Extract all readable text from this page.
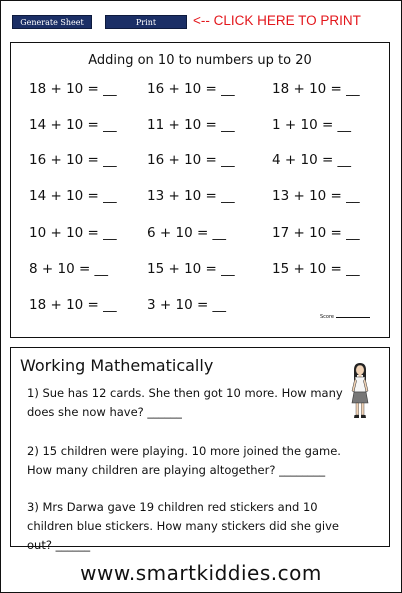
Generate Sheet	Print	<-- CLICK HERE TO PRINT
Adding on 10 to numbers up to 20
1​8 + 1​0 = __ 16 + 1​0 = __	18 + 10 = __
14 + 10 = __ 11 + 10 = __	1 + 10 = __
16 + 10 = __ 16 + 10 = __	4 + 10 = __
14 + 10 = __ 13 + 10 = __	13 + 10 = __
10 + 10 = __ 6 + 10 = __	17 + 10 = __
8 + 10 = __	15 + 10 = __	15 + 10 = __
18 + 10 = __ 3 + 10 = __
Score
Working Mathematically
1) Sue has 12 cards. She then got 10 more. How many does she now have? ______
2) 15 children were playing. 10 more joined the game. How many children are playing altogether? ________
3) Mrs Darwa gave 19 children red stickers and 10 children blue stickers. How many stickers did she give out? ______
www.smartkiddies.com
